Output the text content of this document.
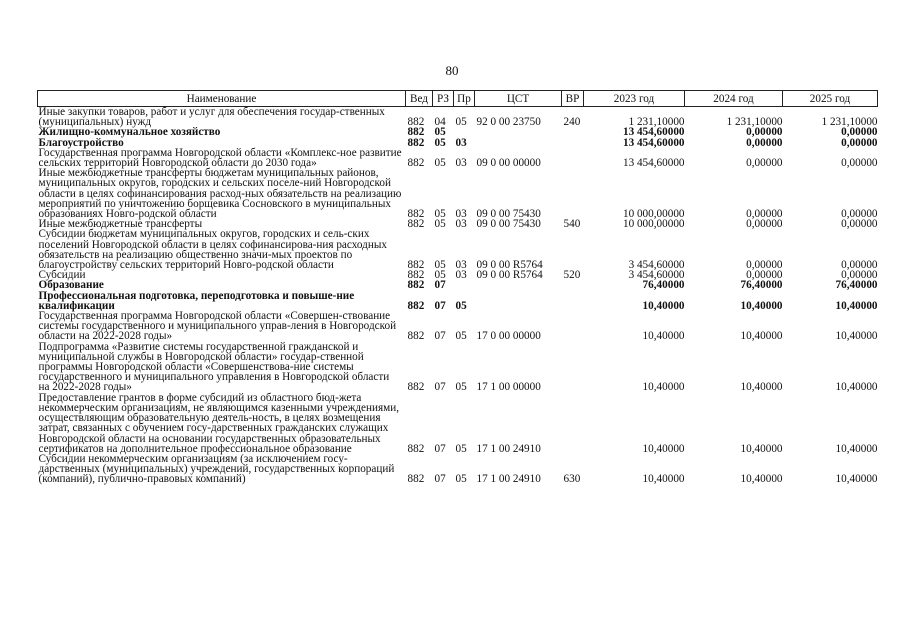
80
Наименование	Вед	РЗ	Пр	ЦСТ	ВР	2023 год	2024 год	2025 год
Иные закупки товаров, работ и услуг для обеспечения государ-ственных (муниципальных) нужд	882	04	05	92 0 00 23750	240	1 231,10000	1 231,10000	1 231,10000
Жилищно-коммунальное хозяйство	882	05				13 454,60000	0,00000	0,00000
Благоустройство	882	05	03			13 454,60000	0,00000	0,00000
Государственная программа Новгородской области «Комплекс-ное развитие сельских территорий Новгородской области до 2030 года»	882	05	03	09 0 00 00000		13 454,60000	0,00000	0,00000
Иные межбюджетные трансферты бюджетам муниципальных районов, муниципальных округов, городских и сельских поселе-ний Новгородской области в целях софинансирования расход-ных обязательств на реализацию мероприятий по уничтожению борщевика Сосновского в муниципальных образованиях Новго-родской области	882	05	03	09 0 00 75430		10 000,00000	0,00000	0,00000
Иные межбюджетные трансферты	882	05	03	09 0 00 75430	540	10 000,00000	0,00000	0,00000
Субсидии бюджетам муниципальных округов, городских и сель-ских поселений Новгородской области в целях софинансирова-ния расходных обязательств на реализацию общественно значи-мых проектов по благоустройству сельских территорий Новго-родской области	882	05	03	09 0 00 R5764		3 454,60000	0,00000	0,00000
Субсидии	882	05	03	09 0 00 R5764	520	3 454,60000	0,00000	0,00000
Образование	882	07				76,40000	76,40000	76,40000
Профессиональная подготовка, переподготовка и повыше-ние квалификации	882	07	05			10,40000	10,40000	10,40000
Государственная программа Новгородской области «Совершен-ствование системы государственного и муниципального управ-ления в Новгородской области на 2022-2028 годы»	882	07	05	17 0 00 00000		10,40000	10,40000	10,40000
Подпрограмма «Развитие системы государственной гражданской и муниципальной службы в Новгородской области» государ-ственной программы Новгородской области «Совершенствова-ние системы государственного и муниципального управления в Новгородской области на 2022-2028 годы»	882	07	05	17 1 00 00000		10,40000	10,40000	10,40000
Предоставление грантов в форме субсидий из областного бюд-жета некоммерческим организациям, не являющимся казенными учреждениями, осуществляющим образовательную деятель-ность, в целях возмещения затрат, связанных с обучением госу-дарственных гражданских служащих Новгородской области на основании государственных образовательных сертификатов на дополнительное профессиональное образование	882	07	05	17 1 00 24910		10,40000	10,40000	10,40000
Субсидии некоммерческим организациям (за исключением госу-дарственных (муниципальных) учреждений, государственных корпораций (компаний), публично-правовых компаний)	882	07	05	17 1 00 24910	630	10,40000	10,40000	10,40000
